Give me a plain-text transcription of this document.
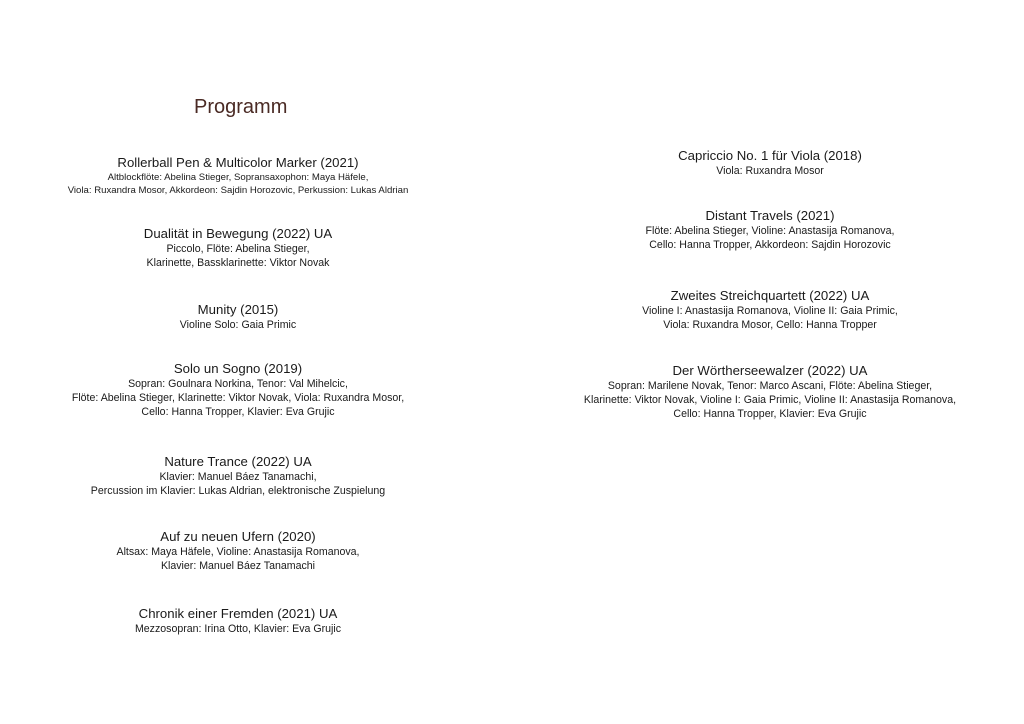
Programm
Rollerball Pen & Multicolor Marker (2021)
Altblockflöte: Abelina Stieger, Sopransaxophon: Maya Häfele,
Viola: Ruxandra Mosor, Akkordeon: Sajdin Horozovic, Perkussion: Lukas Aldrian
Dualität in Bewegung (2022) UA
Piccolo, Flöte: Abelina Stieger,
Klarinette, Bassklarinette: Viktor Novak
Munity (2015)
Violine Solo: Gaia Primic
Solo un Sogno (2019)
Sopran: Goulnara Norkina, Tenor: Val Mihelcic,
Flöte: Abelina Stieger, Klarinette: Viktor Novak, Viola: Ruxandra Mosor,
Cello: Hanna Tropper, Klavier: Eva Grujic
Nature Trance (2022) UA
Klavier: Manuel Báez Tanamachi,
Percussion im Klavier: Lukas Aldrian, elektronische Zuspielung
Auf zu neuen Ufern (2020)
Altsax: Maya Häfele, Violine: Anastasija Romanova,
Klavier: Manuel Báez Tanamachi
Chronik einer Fremden (2021) UA
Mezzosopran: Irina Otto, Klavier: Eva Grujic
Capriccio No. 1 für Viola (2018)
Viola: Ruxandra Mosor
Distant Travels (2021)
Flöte: Abelina Stieger, Violine: Anastasija Romanova,
Cello: Hanna Tropper, Akkordeon: Sajdin Horozovic
Zweites Streichquartett (2022) UA
Violine I: Anastasija Romanova, Violine II: Gaia Primic,
Viola: Ruxandra Mosor, Cello: Hanna Tropper
Der Wörtherseewalzer (2022) UA
Sopran: Marilene Novak, Tenor: Marco Ascani, Flöte: Abelina Stieger,
Klarinette: Viktor Novak, Violine I: Gaia Primic, Violine II: Anastasija Romanova,
Cello: Hanna Tropper, Klavier: Eva Grujic
